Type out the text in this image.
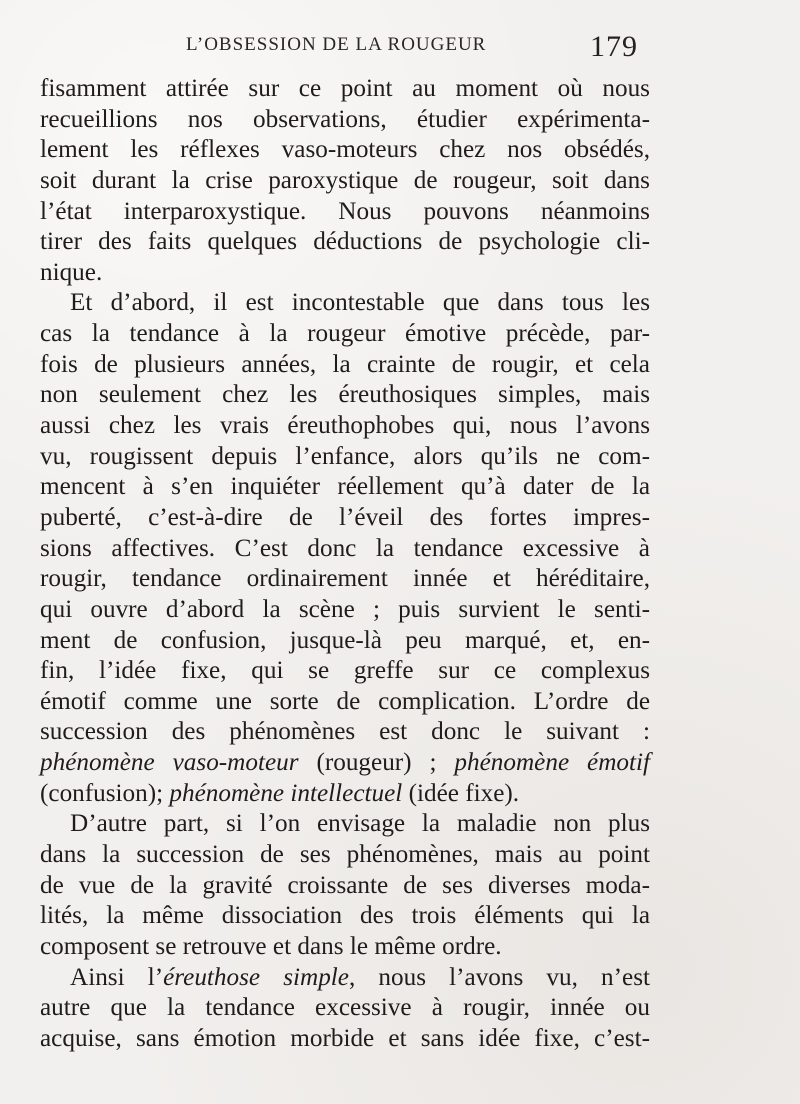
L’OBSESSION DE LA ROUGEUR	179
fisamment attirée sur ce point au moment où nous
recueillions nos observations, étudier expérimenta-
lement les réflexes vaso-moteurs chez nos obsédés,
soit durant la crise paroxystique de rougeur, soit dans
l’état interparoxystique. Nous pouvons néanmoins
tirer des faits quelques déductions de psychologie cli-
nique.
Et d’abord, il est incontestable que dans tous les
cas la tendance à la rougeur émotive précède, par-
fois de plusieurs années, la crainte de rougir, et cela
non seulement chez les éreuthosiques simples, mais
aussi chez les vrais éreuthophobes qui, nous l’avons
vu, rougissent depuis l’enfance, alors qu’ils ne com-
mencent à s’en inquiéter réellement qu’à dater de la
puberté, c’est-à-dire de l’éveil des fortes impres-
sions affectives. C’est donc la tendance excessive à
rougir, tendance ordinairement innée et héréditaire,
qui ouvre d’abord la scène ; puis survient le senti-
ment de confusion, jusque-là peu marqué, et, en-
fin, l’idée fixe, qui se greffe sur ce complexus
émotif comme une sorte de complication. L’ordre de
succession des phénomènes est donc le suivant :
phénomène vaso-moteur (rougeur) ; phénomène émotif
(confusion); phénomène intellectuel (idée fixe).
D’autre part, si l’on envisage la maladie non plus
dans la succession de ses phénomènes, mais au point
de vue de la gravité croissante de ses diverses moda-
lités, la même dissociation des trois éléments qui la
composent se retrouve et dans le même ordre.
Ainsi l’éreuthose simple, nous l’avons vu, n’est
autre que la tendance excessive à rougir, innée ou
acquise, sans émotion morbide et sans idée fixe, c’est-
